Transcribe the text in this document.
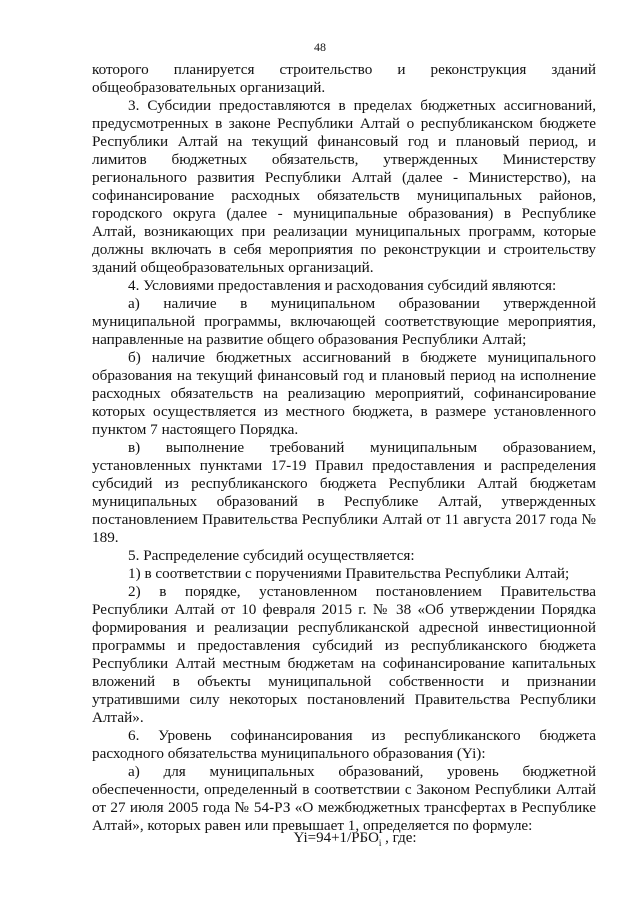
48

которого планируется строительство и реконструкция зданий общеобразовательных организаций.

3. Субсидии предоставляются в пределах бюджетных ассигнований, предусмотренных в законе Республики Алтай о республиканском бюджете Республики Алтай на текущий финансовый год и плановый период, и лимитов бюджетных обязательств, утвержденных Министерству регионального развития Республики Алтай (далее - Министерство), на софинансирование расходных обязательств муниципальных районов, городского округа (далее - муниципальные образования) в Республике Алтай, возникающих при реализации муниципальных программ, которые должны включать в себя мероприятия по реконструкции и строительству зданий общеобразовательных организаций.

4. Условиями предоставления и расходования субсидий являются:

а) наличие в муниципальном образовании утвержденной муниципальной программы, включающей соответствующие мероприятия, направленные на развитие общего образования Республики Алтай;

б) наличие бюджетных ассигнований в бюджете муниципального образования на текущий финансовый год и плановый период на исполнение расходных обязательств на реализацию мероприятий, софинансирование которых осуществляется из местного бюджета, в размере установленного пунктом 7 настоящего Порядка.

в) выполнение требований муниципальным образованием, установленных пунктами 17-19 Правил предоставления и распределения субсидий из республиканского бюджета Республики Алтай бюджетам муниципальных образований в Республике Алтай, утвержденных постановлением Правительства Республики Алтай от 11 августа 2017 года № 189.

5. Распределение субсидий осуществляется:

1) в соответствии с поручениями Правительства Республики Алтай;

2) в порядке, установленном постановлением Правительства Республики Алтай от 10 февраля 2015 г. № 38 «Об утверждении Порядка формирования и реализации республиканской адресной инвестиционной программы и предоставления субсидий из республиканского бюджета Республики Алтай местным бюджетам на софинансирование капитальных вложений в объекты муниципальной собственности и признании утратившими силу некоторых постановлений Правительства Республики Алтай».

6. Уровень софинансирования из республиканского бюджета расходного обязательства муниципального образования (Yi):

а) для муниципальных образований, уровень бюджетной обеспеченности, определенный в соответствии с Законом Республики Алтай от 27 июля 2005 года № 54-РЗ «О межбюджетных трансфертах в Республике Алтай», которых равен или превышает 1, определяется по формуле:

$Yi=94+1/РБО_i$ , где:
